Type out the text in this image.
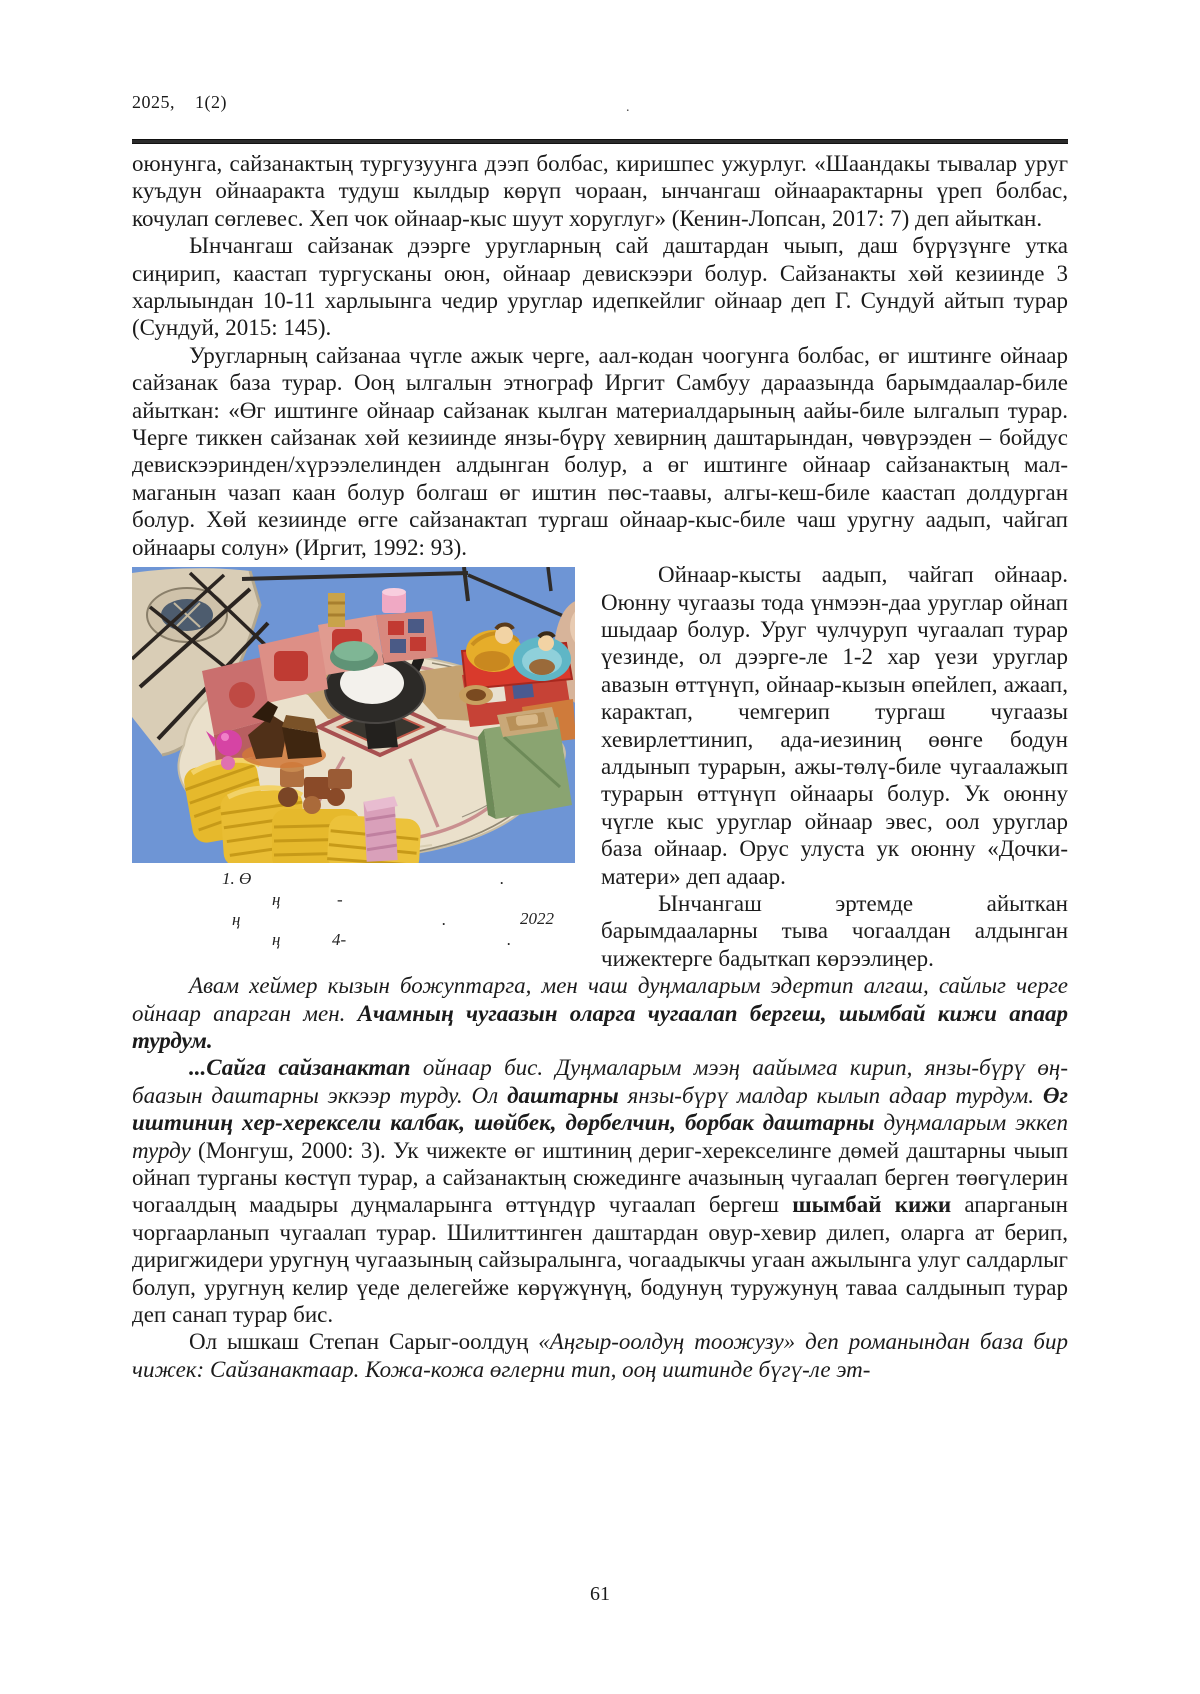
2025,    1(2)	.

оюнунга, сайзанактың тургузуунга дээп болбас, киришпес ужурлуг. «Шаандакы тывалар уруг куъдун ойнааракта тудуш кылдыр көрүп чораан, ынчангаш ойнаарактарны үреп болбас, кочулап сөглевес. Хеп чок ойнаар-кыс шуут хоруглуг» (Кенин-Лопсан, 2017: 7) деп айыткан.

Ынчангаш сайзанак дээрге уругларның сай даштардан чыып, даш бүрүзүнге утка сиңирип, каастап тургусканы оюн, ойнаар девискээри болур. Сайзанакты хөй кезиинде 3 харлыындан 10-11 харлыынга чедир уруглар идепкейлиг ойнаар деп Г. Сундуй айтып турар (Сундуй, 2015: 145).

Уругларның сайзанаа чүгле ажык черге, аал-кодан чоогунга болбас, өг иштинге ойнаар сайзанак база турар. Ооң ылгалын этнограф Иргит Самбуу дараазында барымдаалар-биле айыткан: «Өг иштинге ойнаар сайзанак кылган материалдарының аайы-биле ылгалып турар. Черге тиккен сайзанак хөй кезиинде янзы-бүрү хевирниң даштарындан, чөвүрээден – бойдус девискээринден/хүрээлелинден алдынган болур, а өг иштинге ойнаар сайзанактың мал-маганын чазап каан болур болгаш өг иштин пөс-таавы, алгы-кеш-биле каастап долдурган болур. Хөй кезиинде өгге сайзанактап тургаш ойнаар-кыс-биле чаш уругну аадып, чайгап ойнаары солун» (Иргит, 1992: 93).

1. Ө	.
ң	-
ң	.	2022
ң	4-	.

Ойнаар-кысты аадып, чайгап ойнаар. Оюнну чугаазы тода үнмээн-даа уруглар ойнап шыдаар болур. Уруг чулчуруп чугаалап турар үезинде, ол дээрге-ле 1-2 хар үези уруглар авазын өттүнүп, ойнаар-кызын өпейлеп, ажаап, карактап, чемгерип тургаш чугаазы хевирлеттинип, ада-иезиниң өөнге бодун алдынып турарын, ажы-төлү-биле чугаалажып турарын өттүнүп ойнаары болур. Ук оюнну чүгле кыс уруглар ойнаар эвес, оол уруглар база ойнаар. Орус улуста ук оюнну «Дочки-матери» деп адаар.

Ынчангаш эртемде айыткан барымдааларны тыва чогаалдан алдынган чижектерге бадыткап көрээлиңер.

Авам хеймер кызын божуптарга, мен чаш дуңмаларым эдертип алгаш, сайлыг черге ойнаар апарган мен. Ачамның чугаазын оларга чугаалап бергеш, шымбай кижи апаар турдум.

...Сайга сайзанактап ойнаар бис. Дуңмаларым мээң аайымга кирип, янзы-бүрү өң-баазын даштарны эккээр турду. Ол даштарны янзы-бүрү малдар кылып адаар турдум. Өг иштиниң хер-херексели калбак, шөйбек, дөрбелчин, борбак даштарны дуңмаларым эккеп турду (Монгуш, 2000: 3). Ук чижекте өг иштиниң дериг-херекселинге дөмей даштарны чыып ойнап турганы көстүп турар, а сайзанактың сюжединге ачазының чугаалап берген төөгүлерин чогаалдың маадыры дуңмаларынга өттүндүр чугаалап бергеш шымбай кижи апарганын чоргаарланып чугаалап турар. Шилиттинген даштардан овур-хевир дилеп, оларга ат берип, диригжидери уругнуң чугаазының сайзыралынга, чогаадыкчы угаан ажылынга улуг салдарлыг болуп, уругнуң келир үеде делегейже көрүжүнүң, бодунуң туружунуң таваа салдынып турар деп санап турар бис.

Ол ышкаш Степан Сарыг-оолдуң «Аңгыр-оолдуң тоожузу» деп романындан база бир чижек: Сайзанактаар. Кожа-кожа өглерни тип, ооң иштинде бүгү-ле эт-

61
